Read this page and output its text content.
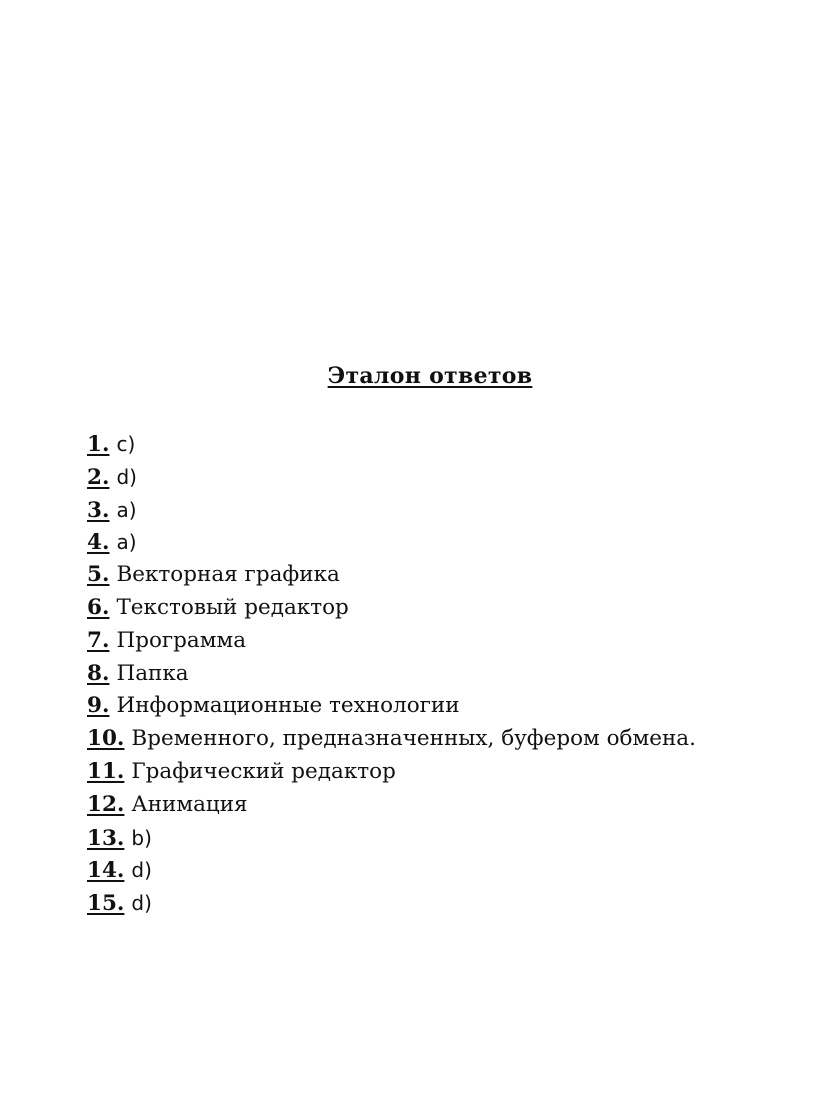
Эталон ответов
1. c)
2. d)
3. a)
4. a)
5. Векторная графика
6. Текстовый редактор
7. Программа
8. Папка
9. Информационные технологии
10. Временного, предназначенных, буфером обмена.
11. Графический редактор
12. Анимация
13. b)
14. d)
15. d)
